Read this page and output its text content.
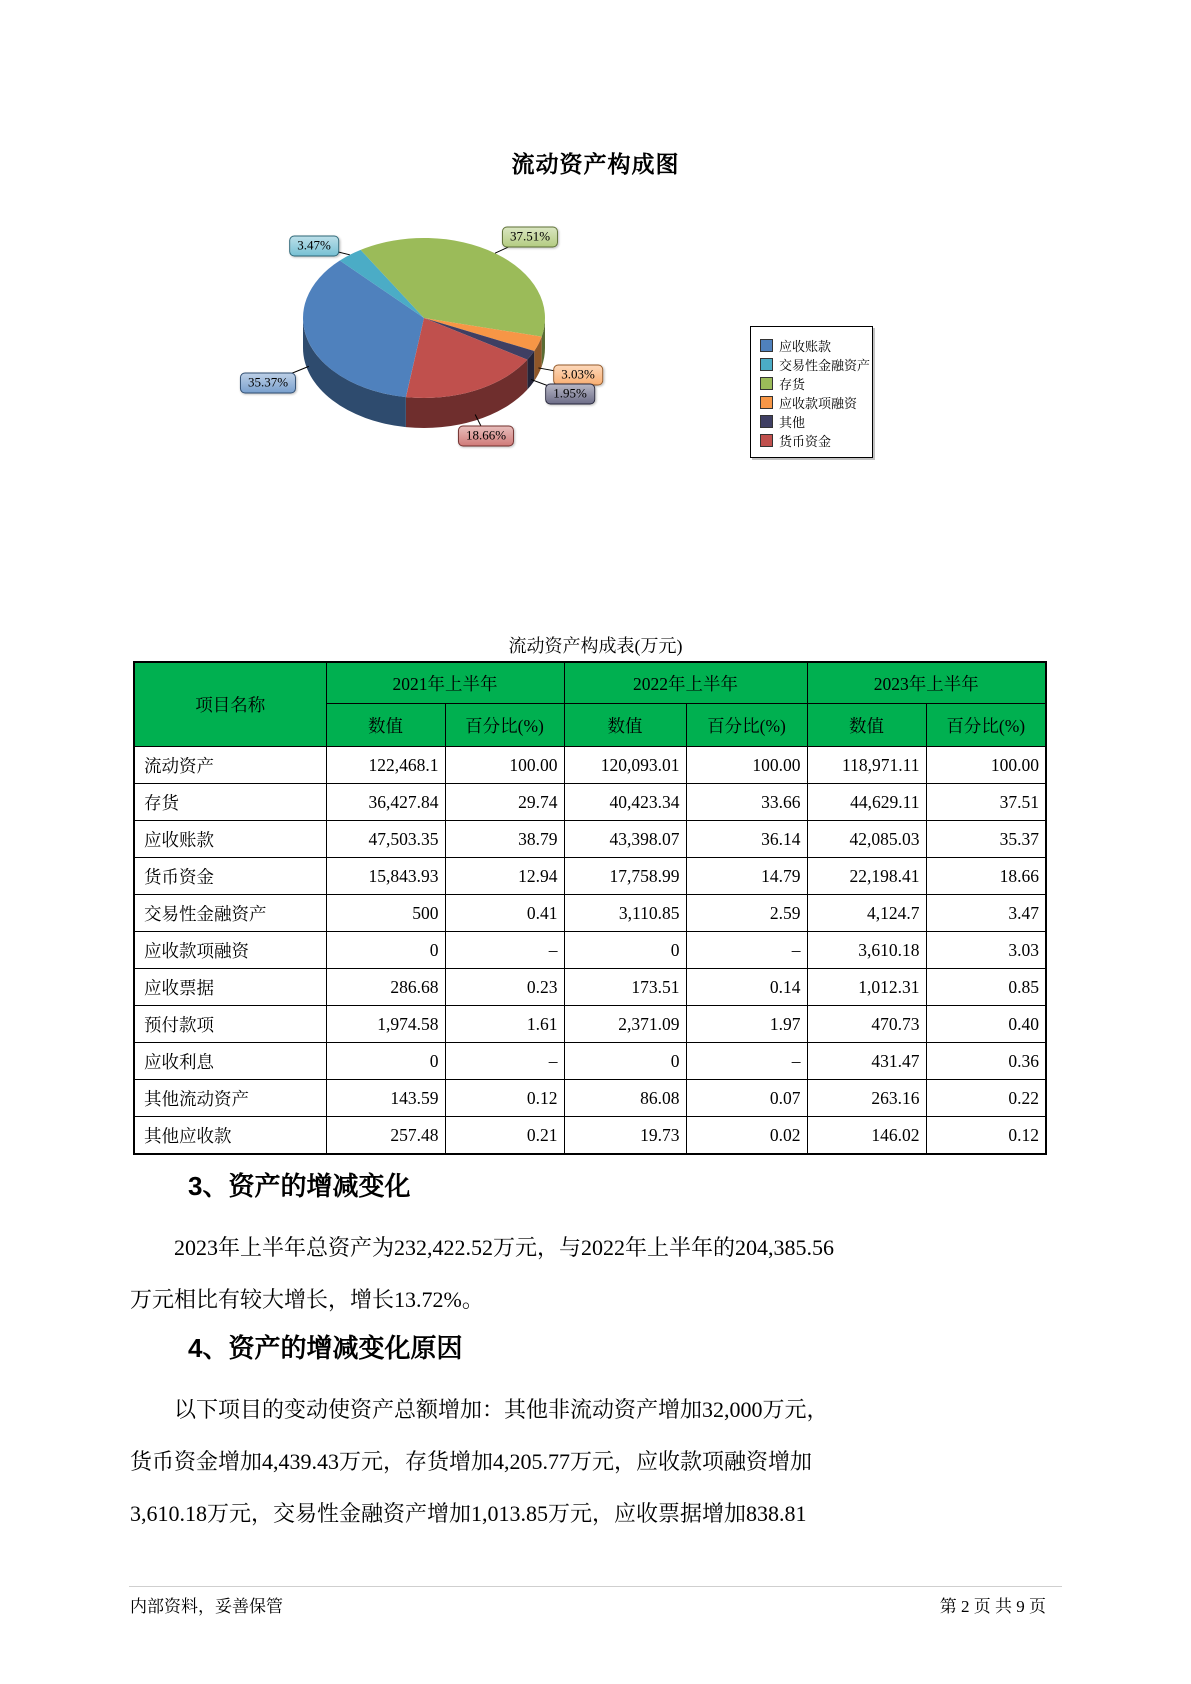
流动资产构成图
35.37%
3.47%
37.51%
3.03%
1.95%
18.66%
应收账款
交易性金融资产
存货
应收款项融资
其他
货币资金
流动资产构成表(万元)
项目名称	2021年上半年		2022年上半年		2023年上半年	
	数值	百分比(%)	数值	百分比(%)	数值	百分比(%)
流动资产	122,468.1	100.00	120,093.01	100.00	118,971.11	100.00
存货	36,427.84	29.74	40,423.34	33.66	44,629.11	37.51
应收账款	47,503.35	38.79	43,398.07	36.14	42,085.03	35.37
货币资金	15,843.93	12.94	17,758.99	14.79	22,198.41	18.66
交易性金融资产	500	0.41	3,110.85	2.59	4,124.7	3.47
应收款项融资	0	–	0	–	3,610.18	3.03
应收票据	286.68	0.23	173.51	0.14	1,012.31	0.85
预付款项	1,974.58	1.61	2,371.09	1.97	470.73	0.40
应收利息	0	–	0	–	431.47	0.36
其他流动资产	143.59	0.12	86.08	0.07	263.16	0.22
其他应收款	257.48	0.21	19.73	0.02	146.02	0.12
3、资产的增减变化
2023年上半年总资产为232,422.52万元，与2022年上半年的204,385.56
万元相比有较大增长，增长13.72%。
4、资产的增减变化原因
以下项目的变动使资产总额增加：其他非流动资产增加32,000万元，
货币资金增加4,439.43万元，存货增加4,205.77万元，应收款项融资增加
3,610.18万元，交易性金融资产增加1,013.85万元，应收票据增加838.81
内部资料，妥善保管	第 2 页 共 9 页
